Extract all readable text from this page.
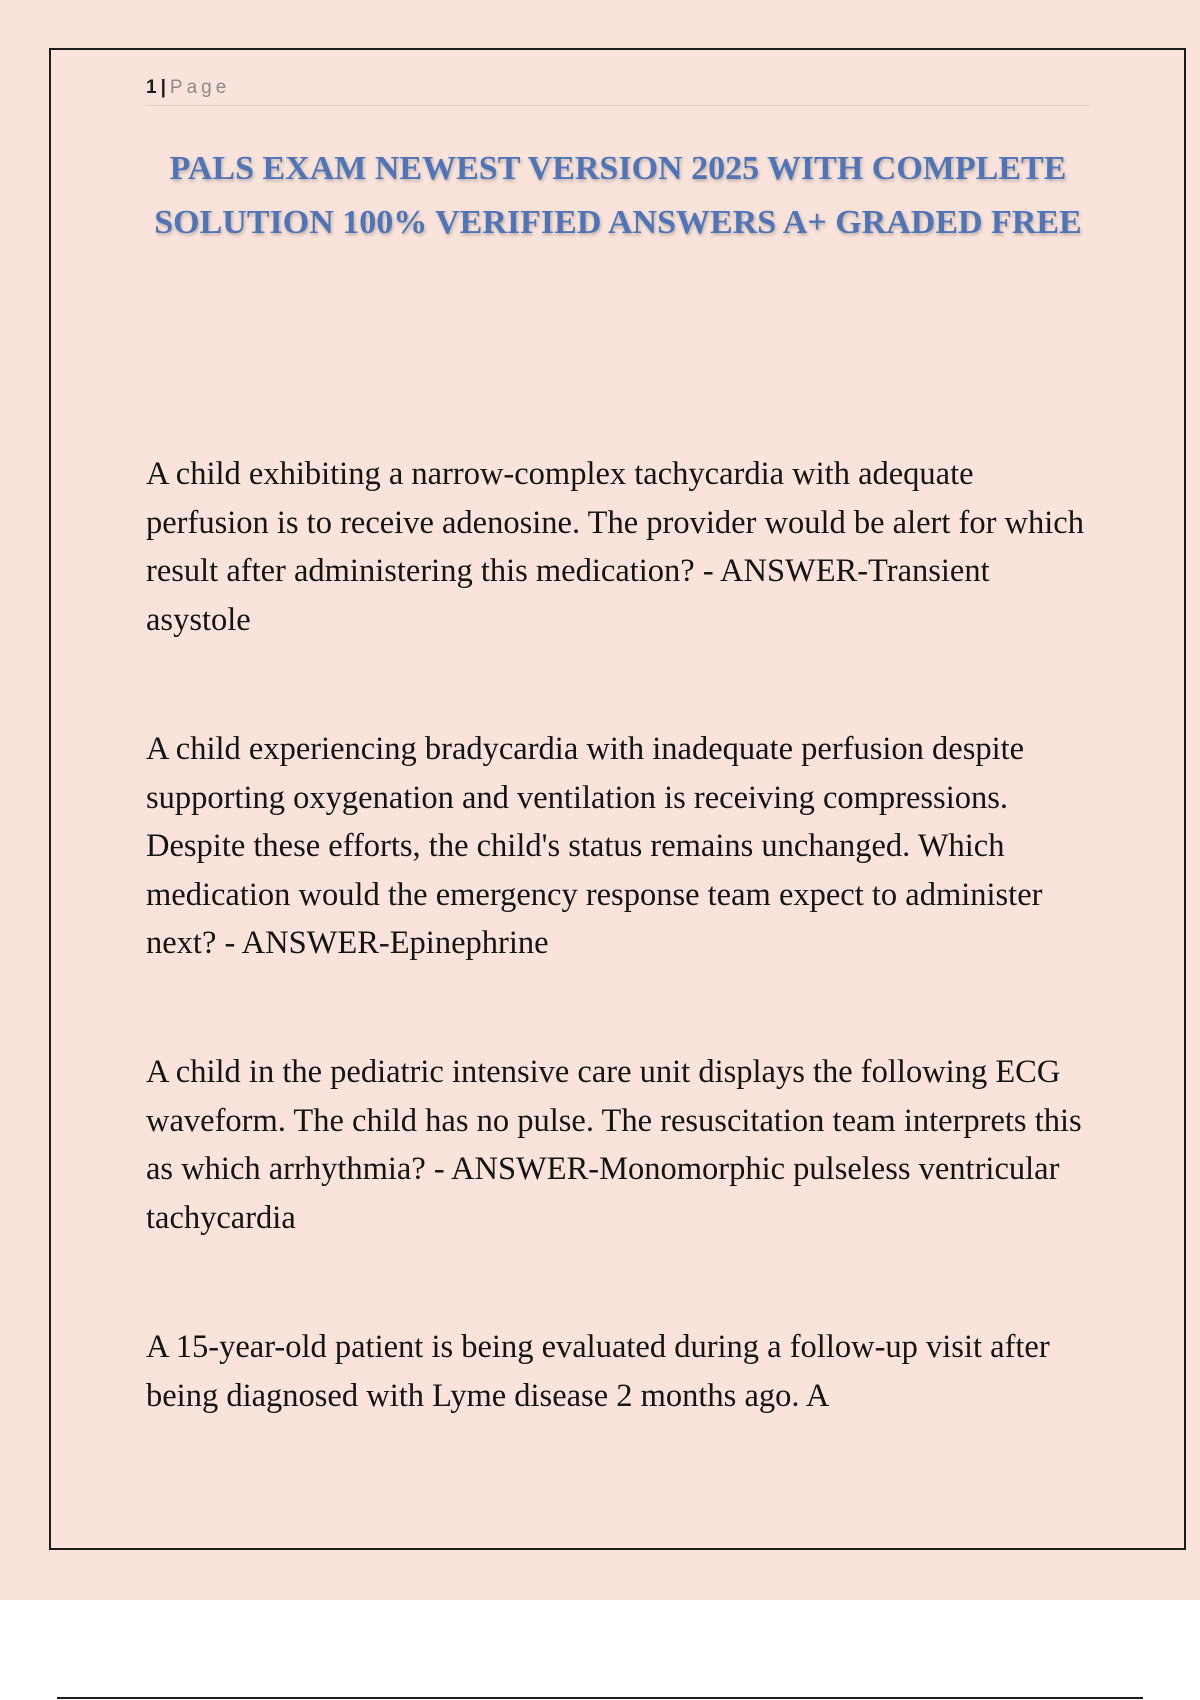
1 | Page
PALS EXAM NEWEST VERSION 2025 WITH COMPLETE SOLUTION 100% VERIFIED ANSWERS A+ GRADED FREE

A child exhibiting a narrow-complex tachycardia with adequate perfusion is to receive adenosine. The provider would be alert for which result after administering this medication? - ANSWER-Transient asystole

A child experiencing bradycardia with inadequate perfusion despite supporting oxygenation and ventilation is receiving compressions. Despite these efforts, the child's status remains unchanged. Which medication would the emergency response team expect to administer next? - ANSWER-Epinephrine

A child in the pediatric intensive care unit displays the following ECG waveform. The child has no pulse. The resuscitation team interprets this as which arrhythmia? - ANSWER-Monomorphic pulseless ventricular tachycardia

A 15-year-old patient is being evaluated during a follow-up visit after being diagnosed with Lyme disease 2 months ago. A
